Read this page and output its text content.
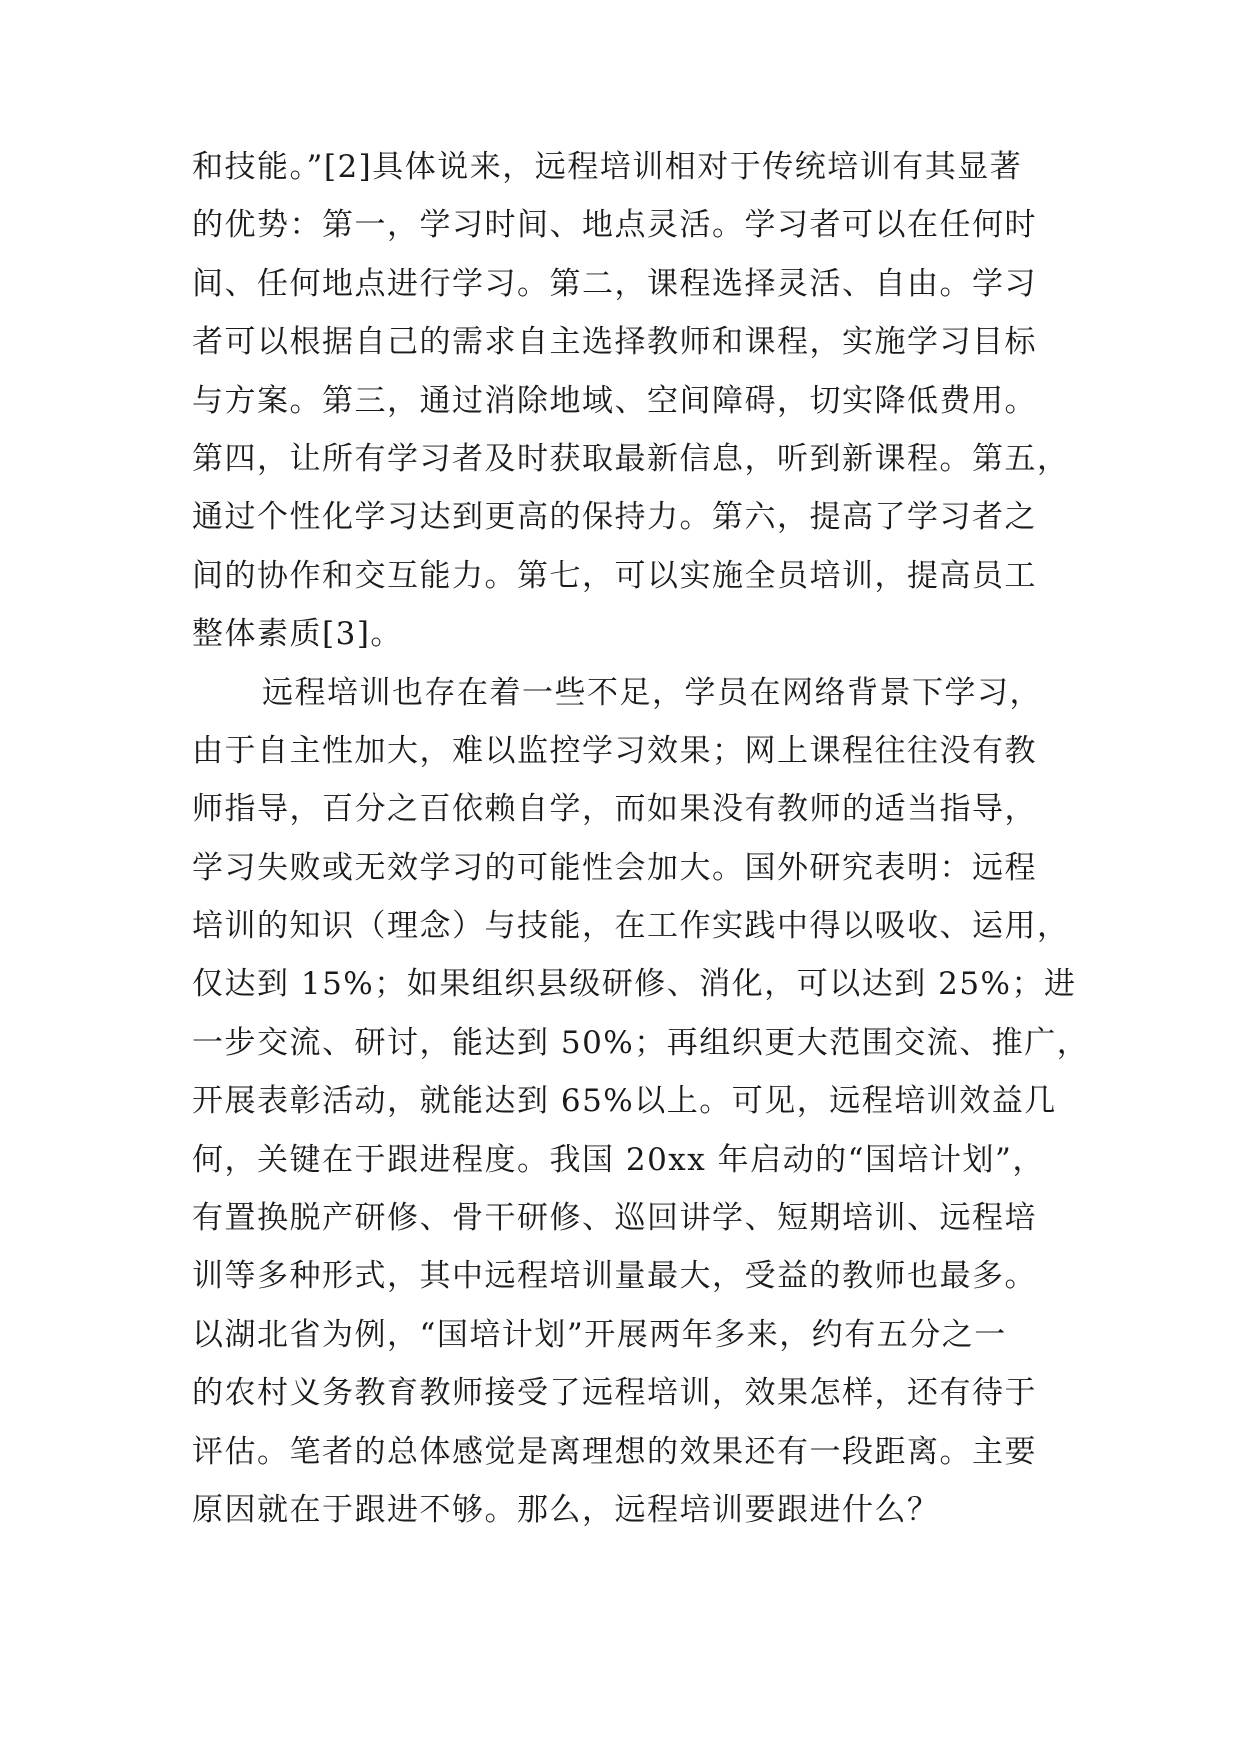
和技能。”[2]具体说来，远程培训相对于传统培训有其显著
的优势：第一，学习时间、地点灵活。学习者可以在任何时
间、任何地点进行学习。第二，课程选择灵活、自由。学习
者可以根据自己的需求自主选择教师和课程，实施学习目标
与方案。第三，通过消除地域、空间障碍，切实降低费用。
第四，让所有学习者及时获取最新信息，听到新课程。第五，
通过个性化学习达到更高的保持力。第六，提高了学习者之
间的协作和交互能力。第七，可以实施全员培训，提高员工
整体素质[3]。
远程培训也存在着一些不足，学员在网络背景下学习，
由于自主性加大，难以监控学习效果；网上课程往往没有教
师指导，百分之百依赖自学，而如果没有教师的适当指导，
学习失败或无效学习的可能性会加大。国外研究表明：远程
培训的知识（理念）与技能，在工作实践中得以吸收、运用，
仅达到 15%；如果组织县级研修、消化，可以达到 25%；进
一步交流、研讨，能达到 50%；再组织更大范围交流、推广，
开展表彰活动，就能达到 65%以上。可见，远程培训效益几
何，关键在于跟进程度。我国 20xx 年启动的“国培计划”，
有置换脱产研修、骨干研修、巡回讲学、短期培训、远程培
训等多种形式，其中远程培训量最大，受益的教师也最多。
以湖北省为例，“国培计划”开展两年多来，约有五分之一
的农村义务教育教师接受了远程培训，效果怎样，还有待于
评估。笔者的总体感觉是离理想的效果还有一段距离。主要
原因就在于跟进不够。那么，远程培训要跟进什么？
